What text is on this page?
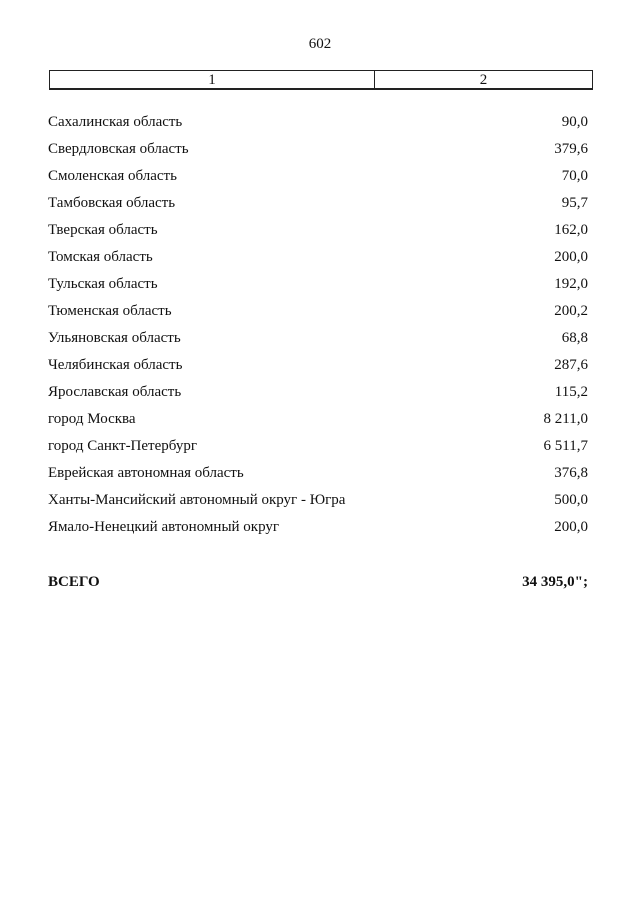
602
1	2
Сахалинская область	90,0
Свердловская область	379,6
Смоленская область	70,0
Тамбовская область	95,7
Тверская область	162,0
Томская область	200,0
Тульская область	192,0
Тюменская область	200,2
Ульяновская область	68,8
Челябинская область	287,6
Ярославская область	115,2
город Москва	8 211,0
город Санкт-Петербург	6 511,7
Еврейская автономная область	376,8
Ханты-Мансийский автономный округ - Югра	500,0
Ямало-Ненецкий автономный округ	200,0
ВСЕГО	34 395,0";
